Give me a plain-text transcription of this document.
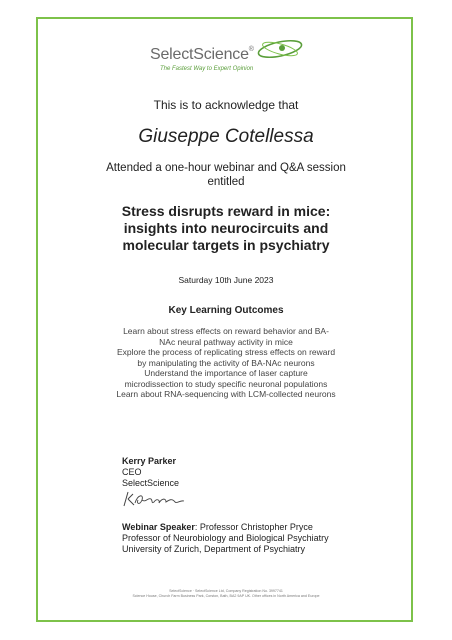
SelectScience®
The Fastest Way to Expert Opinion
This is to acknowledge that
Giuseppe Cotellessa
Attended a one-hour webinar and Q&A session entitled
Stress disrupts reward in mice: insights into neurocircuits and molecular targets in psychiatry
Saturday 10th June 2023
Key Learning Outcomes
Learn about stress effects on reward behavior and BA-NAc neural pathway activity in mice
Explore the process of replicating stress effects on reward by manipulating the activity of BA-NAc neurons
Understand the importance of laser capture microdissection to study specific neuronal populations
Learn about RNA-sequencing with LCM-collected neurons
Kerry Parker
CEO
SelectScience
Webinar Speaker: Professor Christopher Pryce
Professor of Neurobiology and Biological Psychiatry
University of Zurich, Department of Psychiatry
SelectScience · SelectScience Ltd, Company Registration No. 3997741
Science House, Church Farm Business Park, Corston, Bath, BA2 9AP UK. Other offices in North America and Europe
